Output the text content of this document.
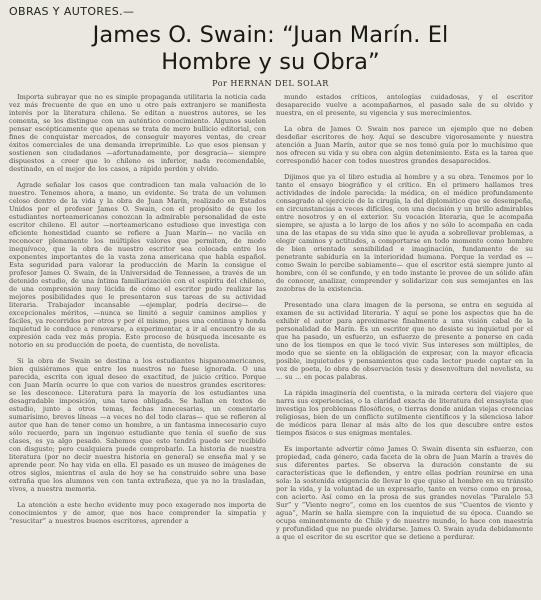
OBRAS Y AUTORES.—
James O. Swain: “Juan Marín. El
Hombre y su Obra”
Por HERNAN DEL SOLAR

Importa subrayar que no es simple propaganda utilitaria la noticia cada vez más frecuente de que en uno u otro país extranjero se manifiesta interés por la literatura chilena. Se editan a nuestros autores, se les comenta, se les distingue con un auténtico conocimiento. Algunos suelen pensar escépticamente que apenas se trata de mero bullicio editorial, con fines de conquistar mercados, de conseguir mayores ventas, de crear éxitos comerciales de una demanda irreprimible. Lo que esos piensan y sostienen son ciudadanos —afortunadamente, por desgracia— siempre dispuestos a creer que lo chileno es inferior, nada recomendable, destinado, en el mejor de los casos, a rápido perdón y olvido.

Agrade señalar los casos que contradicen tan mala valuación de lo nuestro. Tenemos ahora, a mano, un evidente. Se trata de un volumen celoso dentro de la vida y la obra de Juan Marín, realizado en Estados Unidos por el profesor James O. Swain, con el propósito de que los estudiantes norteamericanos conozcan la admirable personalidad de este escritor chileno. El autor —norteamericano estudioso que investiga con eficiente honestidad cuanto se refiere a Juan Marín— no vacila en reconocer plenamente los múltiples valores que permiten, de modo inequívoco, que la obra de nuestro escritor sea colocada entre los exponentes importantes de la vasta zona americana que habla español. Esta seguridad para valorar la producción de Marín la consigue el profesor James O. Swain, de la Universidad de Tennessee, a través de un detenido estudio, de una íntima familiarización con el espíritu del chileno, de una comprensión muy lúcida de cómo el escritor pudo realizar las mejores posibilidades que le presentaron sus tareas de su actividad literaria. Trabajador incansable —ejemplar, podría decirse— de excepcionales méritos, —nunca se limitó a seguir caminos amplios y fáciles, ya recorridos por otros y por él mismo, pues una continua y honda inquietud le conduce a renovarse, a experimentar, a ir al encuentro de su expresión cada vez más propia. Esto proceso de búsqueda incesante es notorio en su producción de poeta, de cuentista, de novelista.

Si la obra de Swain se destina a los estudiantes hispanoamericanos, bien quisiéramos que entre los nuestros no fuese ignorada. O una parecida, escrita con igual deseo de exactitud, de juicio crítico. Porque con Juan Marín ocurre lo que con varios de nuestros grandes escritores: se les desconoce. Literatura para la mayoría de los estudiantes una desagradable imposición, una tarea obligada. Se hallan en textos de estudio, junto a otros temas, fechas innecesarias, un comentario sumarísimo, breves líneas —a veces no del todo claras— que se refieren al autor que han de tener como un hombre, a un fantasma innecesario cuyo sólo recuerdo, para un ingenuo estudiante que tenía el sueño de sus clases, es ya algo pesado. Sabemos que esto tendrá puede ser recibido con disgusto; pero cualquiera puede comprobarlo. La historia de nuestra literatura (por no decir nuestra historia en general) se enseña mal y se aprende peor. No hay vida en ella. El pasado es un museo de imágenes de otros siglos, mientras el aula de hoy se ha construido sobre una base extraña que los alumnos ven con tanta extrañeza, que ya no la trasladan, vivos, a nuestra memoria.

La atención a este hecho evidente muy poco exagerado nos importa de conocimientos y de amor, que nos hace comprender la simpatía y “resucitar” a nuestros buenos escritores, aprender a

mundo estados críticos, antologías cuidadosas, y el escritor desaparecido vuelve a acompañarnos, el pasado sale de su olvido y nuestra, en el presente, su vigencia y sus merecimientos.

La obra de James O. Swain nos parece un ejemplo que no deben desdeñar escritores de hoy. Aquí se descubre vigorosamente y nuestra atención a Juan Marín, autor que se nos tomó guía por lo muchísimo que nos ofrecen su vida y su obra con algún detenimiento. Esta es la tarea que correspondió hacer con todos nuestros grandes desaparecidos.

Dijimos que ya el libro estudia al hombre y a su obra. Tenemos por lo tanto el ensayo biográfico y el crítico. En el primero hallamos tres actividades de índole parecida: la médica, en el médico profundamente consagrado al ejercicio de la cirugía, la del diplomático que se desempeña, en circunstancias a veces difíciles, con una decisión y un brillo admirables entre nosotros y en el exterior. Su vocación literaria, que le acompaña siempre, se ajusta a lo largo de los años y no sólo lo acompaña en cada una de las etapas de su vida sino que le ayuda a sobrellevar problemas, a elegir caminos y actitudes, a comportarse en todo momento como hombre de bien orientado sensibilidad e imaginación, fundamento de su penetrante sabiduría en la interioridad humana. Porque la verdad es —como Swain lo percibe sabiamente— que el escritor está siempre junto al hombre, con él se confunde, y en todo instante le provee de un sólido afán de conocer, analizar, comprender y solidarizar con sus semejantes en las zozobras de la existencia.

Presentado una clara imagen de la persona, se entra en seguida al examen de su actividad literaria. Y aquí se pone los aspectos que ha de exhibir el autor para aproximarse finalmente a una visión cabal de la personalidad de Marín. Es un escritor que no desiste su inquietud por el que ha pasado, un esfuerzo, un esfuerzo de presente a ponerse en cada uno de los tiempos en que le tocó vivir. Sus intereses son múltiples, de modo que se siente en la obligación de expresar, con la mayor eficacia posible, inquietudes y pensamientos que cada lector puede captar en la voz de poeta, lo obra de observación tesis y desenvoltura del novelista, su ... su ... en pocas palabras.

La rápida imaginería del cuentista, o la mirada certera del viajero que narra sus experiencias, o la claridad exacta de literatura del ensayista que investiga los problemas filosóficos, o tierras donde anidan viejas creencias religiosas, bien de un conflicto sutilmente científicos y la silenciosa labor de médicos para llenar al más alto de los que descubre entre estos tiempos físicos o sus enigmas mentales.

Es importante advertir cómo James O. Swain disenta sin esfuerzo, con propiedad, cada género, cada faceta de la obra de Juan Marín a través de sus diferentes partes. Se observa la duración constante de su características que le defienden, y entre ellas podrían reunirse en una sola: la sostenida exigencia de llevar lo que quiso al hombre en su tránsito por la vida, y la voluntad de un expresarlo, tanto en verso como en prosa, con acierto. Así como en la prosa de sus grandes novelas “Paralelo 53 Sur” y “Viento negro”, como en los cuentos de sus “Cuentos de viento y agua”, Marín se halla siempre con la inquietud de su época. Cuando se ocupa eminentemente de Chile y de nuestro mundo, lo hace con maestría y profundidad que no puede olvidarse. James O. Swain ayuda debidamente a que el escritor de su escritor que se detiene a perdurar.
